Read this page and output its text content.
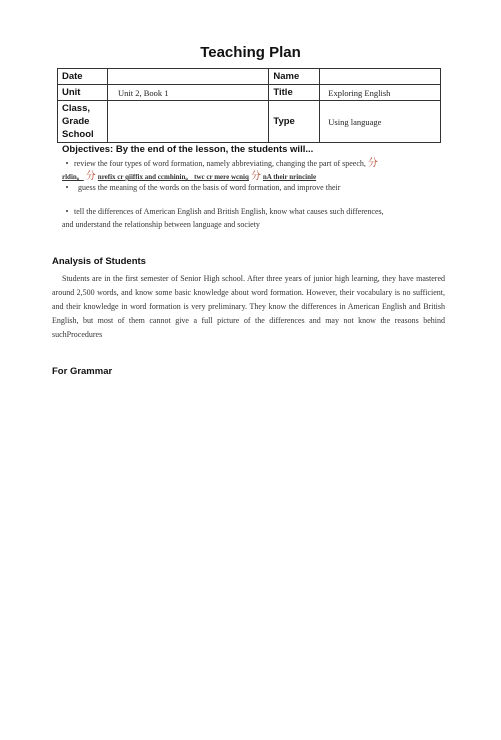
Teaching Plan
Date		Name	
Unit	Unit 2, Book 1	Title	Exploring English

Class,
Grade
School		Type	Using language
Objectives: By the end of the lesson, the students will...
• review the four types of word formation, namely abbreviating, changing the part of speech, 分
rldin。 分 nrefix cr ɡiiffix and ccmhinin。 twc cr mere wcniq 分 nA their nrincinle
• guess the meaning of the words on the basis of word formation, and improve their
• tell the differences of American English and British English, know what causes such differences,
and understand the relationship between language and society
Analysis of Students
Students are in the first semester of Senior High school. After three years of junior high learning, they have mastered around 2,500 words, and know some basic knowledge about word formation. However, their vocabulary is no sufficient, and their knowledge in word formation is very preliminary. They know the differences in American English and British English, but most of them cannot give a full picture of the differences and may not know the reasons behind suchProcedures
For Grammar
